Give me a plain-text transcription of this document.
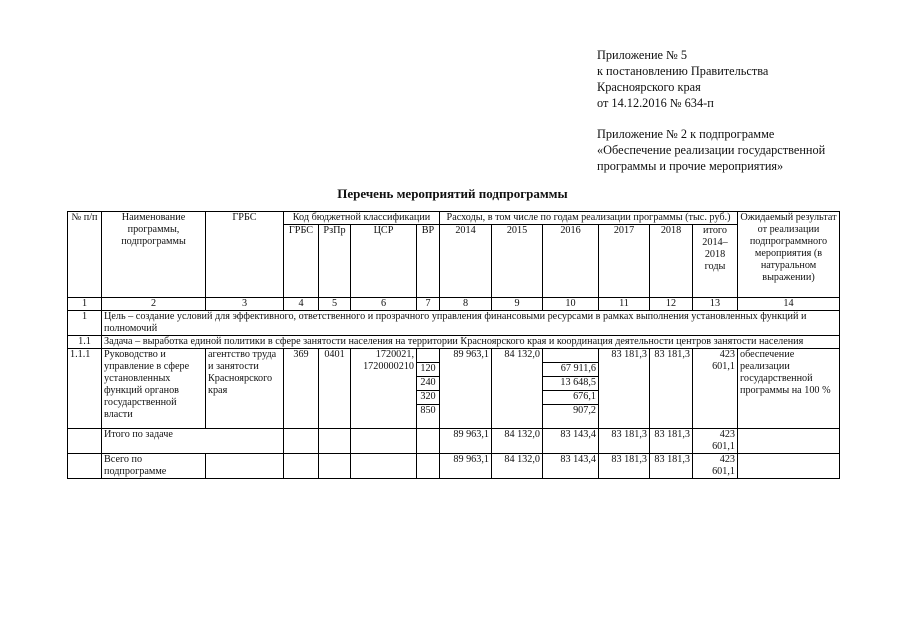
Приложение № 5

к постановлению Правительства

Красноярского края

от 14.12.2016 № 634-п

Приложение № 2 к подпрограмме

«Обеспечение реализации государственной

программы и прочие мероприятия»

Перечень мероприятий подпрограммы
№ п/п	Наименование программы, подпрограммы	ГРБС	Код бюджетной классификации				Расходы, в том числе по годам реализации программы (тыс. руб.)						Ожидаемый результат от реализации подпрограммного мероприятия (в натуральном выражении)
			ГРБС	РзПр	ЦСР	ВР	2014	2015	2016	2017	2018	итого 2014–2018 годы	
1	2	3	4	5	6	7	8	9	10	11	12	13	14
1	Цель – создание условий для эффективного, ответственного и прозрачного управления финансовыми ресурсами в рамках выполнения установленных функций и полномочий												
1.1	Задача – выработка единой политики в сфере занятости населения на территории Красноярского края и координация деятельности центров занятости населения												
1.1.1	Руководство и управление в сфере установленных функций органов государственной власти	агентство труда и занятости Красноярского края	369	0401	1720021, 1720000210		89 963,1	84 132,0		83 181,3	83 181,3	423 601,1	обеспечение реализации государственной программы на 100 %
						120			67 911,6				
						240			13 648,5				
						320			676,1				
						850			907,2				
	Итого по задаче						89 963,1	84 132,0	83 143,4	83 181,3	83 181,3	423 601,1	
	Всего по подпрограмме						89 963,1	84 132,0	83 143,4	83 181,3	83 181,3	423 601,1	
